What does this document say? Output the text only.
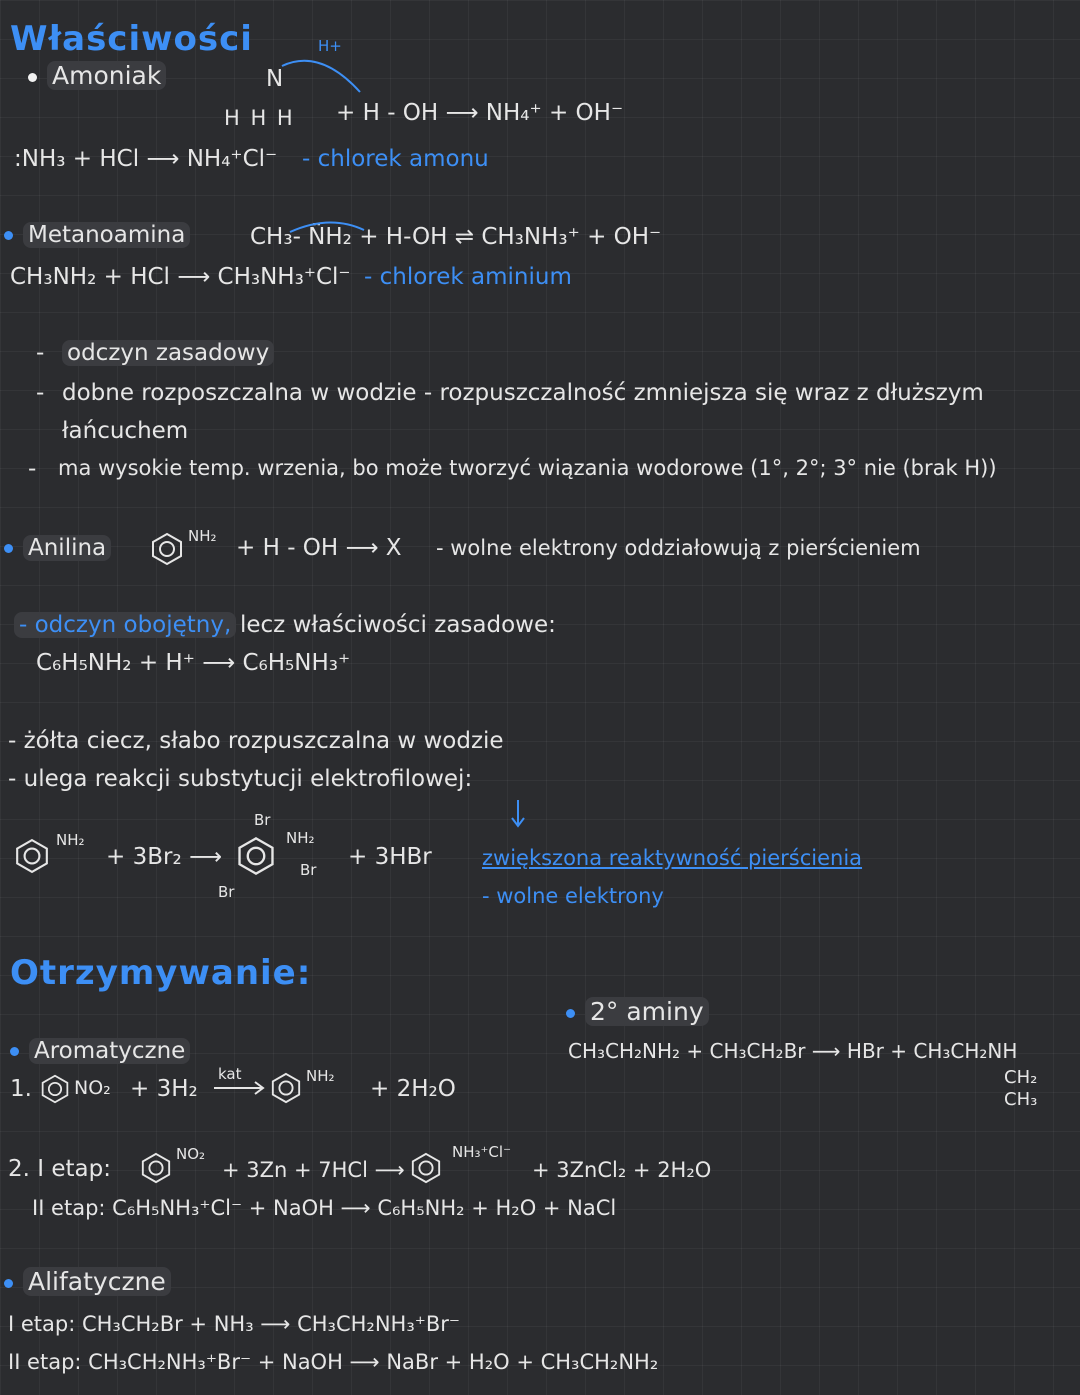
Właściwości
Amoniak
H+
N
H H H + H - OH ⟶ NH₄⁺ + OH⁻
:NH₃ + HCl ⟶ NH₄⁺Cl⁻ - chlorek amonu
Metanoamina	CH₃- N̈H₂ + H-OH ⇌ CH₃NH₃⁺ + OH⁻
CH₃NH₂ + HCl ⟶ CH₃NH₃⁺Cl⁻ - chlorek aminium
- odczyn zasadowy
- dobne rozposzczalna w wodzie - rozpuszczalność zmniejsza się wraz z dłuższym
łańcuchem
- ma wysokie temp. wrzenia, bo może tworzyć wiązania wodorowe (1°, 2°; 3° nie (brak H))
Anilina	NH₂ + H - OH ⟶ X - wolne elektrony oddziałowują z pierścieniem
- odczyn obojętny, lecz właściwości zasadowe:
C₆H₅NH₂ + H⁺ ⟶ C₆H₅NH₃⁺
- żółta ciecz, słabo rozpuszczalna w wodzie
- ulega reakcji substytucji elektrofilowej:
NH₂
+ 3Br₂ ⟶
Br
NH₂
Br
Br
+ 3HBr zwiększona reaktywność pierścienia
- wolne elektrony
Otrzymywanie:
2° aminy
CH₃CH₂NH₂ + CH₃CH₂Br ⟶ HBr + CH₃CH₂NH
CH₂
CH₃
Aromatyczne
1. NO₂ + 3H₂
kat	NH₂ + 2H₂O
2. I etap:
NO₂
+ 3Zn + 7HCl ⟶
NH₃⁺Cl⁻
+ 3ZnCl₂ + 2H₂O
II etap: C₆H₅NH₃⁺Cl⁻ + NaOH ⟶ C₆H₅NH₂ + H₂O + NaCl
Alifatyczne
I etap: CH₃CH₂Br + NH₃ ⟶ CH₃CH₂NH₃⁺Br⁻
II etap: CH₃CH₂NH₃⁺Br⁻ + NaOH ⟶ NaBr + H₂O + CH₃CH₂NH₂
